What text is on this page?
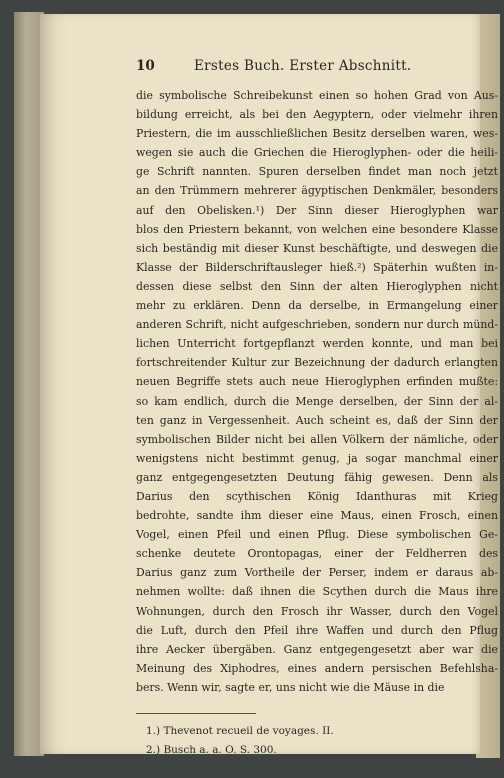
10	Erstes Buch. Erster Abschnitt.
die symbolische Schreibekunst einen so hohen Grad von Aus-
bildung erreicht, als bei den Aegyptern, oder vielmehr ihren
Priestern, die im ausschließlichen Besitz derselben waren, wes-
wegen sie auch die Griechen die Hieroglyphen- oder die heili-
ge Schrift nannten. Spuren derselben findet man noch jetzt
an den Trümmern mehrerer ägyptischen Denkmäler, besonders
auf den Obelisken.¹) Der Sinn dieser Hieroglyphen war
blos den Priestern bekannt, von welchen eine besondere Klasse
sich beständig mit dieser Kunst beschäftigte, und deswegen die
Klasse der Bilderschriftausleger hieß.²) Späterhin wußten in-
dessen diese selbst den Sinn der alten Hieroglyphen nicht
mehr zu erklären. Denn da derselbe, in Ermangelung einer
anderen Schrift, nicht aufgeschrieben, sondern nur durch münd-
lichen Unterricht fortgepflanzt werden konnte, und man bei
fortschreitender Kultur zur Bezeichnung der dadurch erlangten
neuen Begriffe stets auch neue Hieroglyphen erfinden mußte:
so kam endlich, durch die Menge derselben, der Sinn der al-
ten ganz in Vergessenheit. Auch scheint es, daß der Sinn der
symbolischen Bilder nicht bei allen Völkern der nämliche, oder
wenigstens nicht bestimmt genug, ja sogar manchmal einer
ganz entgegengesetzten Deutung fähig gewesen. Denn als
Darius den scythischen König Idanthuras mit Krieg
bedrohte, sandte ihm dieser eine Maus, einen Frosch, einen
Vogel, einen Pfeil und einen Pflug. Diese symbolischen Ge-
schenke deutete Orontopagas, einer der Feldherren des
Darius ganz zum Vortheile der Perser, indem er daraus ab-
nehmen wollte: daß ihnen die Scythen durch die Maus ihre
Wohnungen, durch den Frosch ihr Wasser, durch den Vogel
die Luft, durch den Pfeil ihre Waffen und durch den Pflug
ihre Aecker übergäben. Ganz entgegengesetzt aber war die
Meinung des Xiphodres, eines andern persischen Befehlsha-
bers. Wenn wir, sagte er, uns nicht wie die Mäuse in die
1.) Thevenot recueil de voyages. II.
2.) Busch a. a. O. S. 300.
